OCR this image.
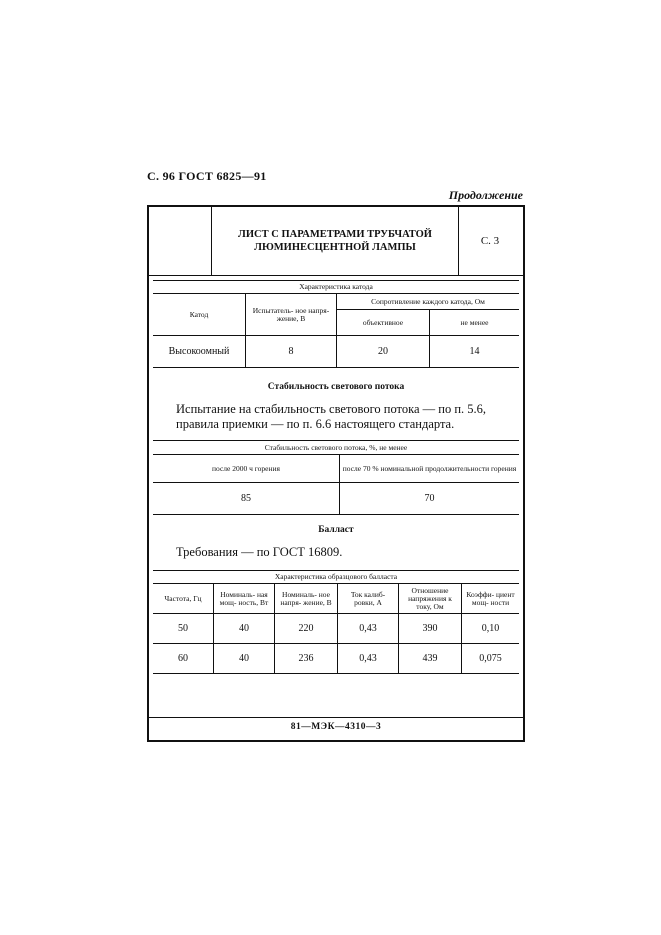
С. 96 ГОСТ 6825—91
Продолжение
ЛИСТ С ПАРАМЕТРАМИ ТРУБЧАТОЙ
ЛЮМИНЕСЦЕНТНОЙ ЛАМПЫ
С. 3
Характеристика катода			
Катод	Испытатель- ное напря- жение, В	Сопротивление каждого катода, Ом	
		объективное	не менее
Высокоомный	8	20	14
Стабильность светового потока
Испытание на стабильность светового потока — по п. 5.6, правила приемки — по п. 6.6 настоящего стандарта.
Стабильность светового потока, %, не менее	
после 2000 ч горения	после 70 % номинальной продолжительности горения
85	70
Балласт
Требования — по ГОСТ 16809.
Характеристика образцового балласта					
Частота, Гц	Номиналь- ная мощ- ность, Вт	Номиналь- ное напря- жение, В	Ток калиб- ровки, А	Отношение напряжения к току, Ом	Коэффи- циент мощ- ности
50	40	220	0,43	390	0,10
60	40	236	0,43	439	0,075
81—МЭК—4310—3
